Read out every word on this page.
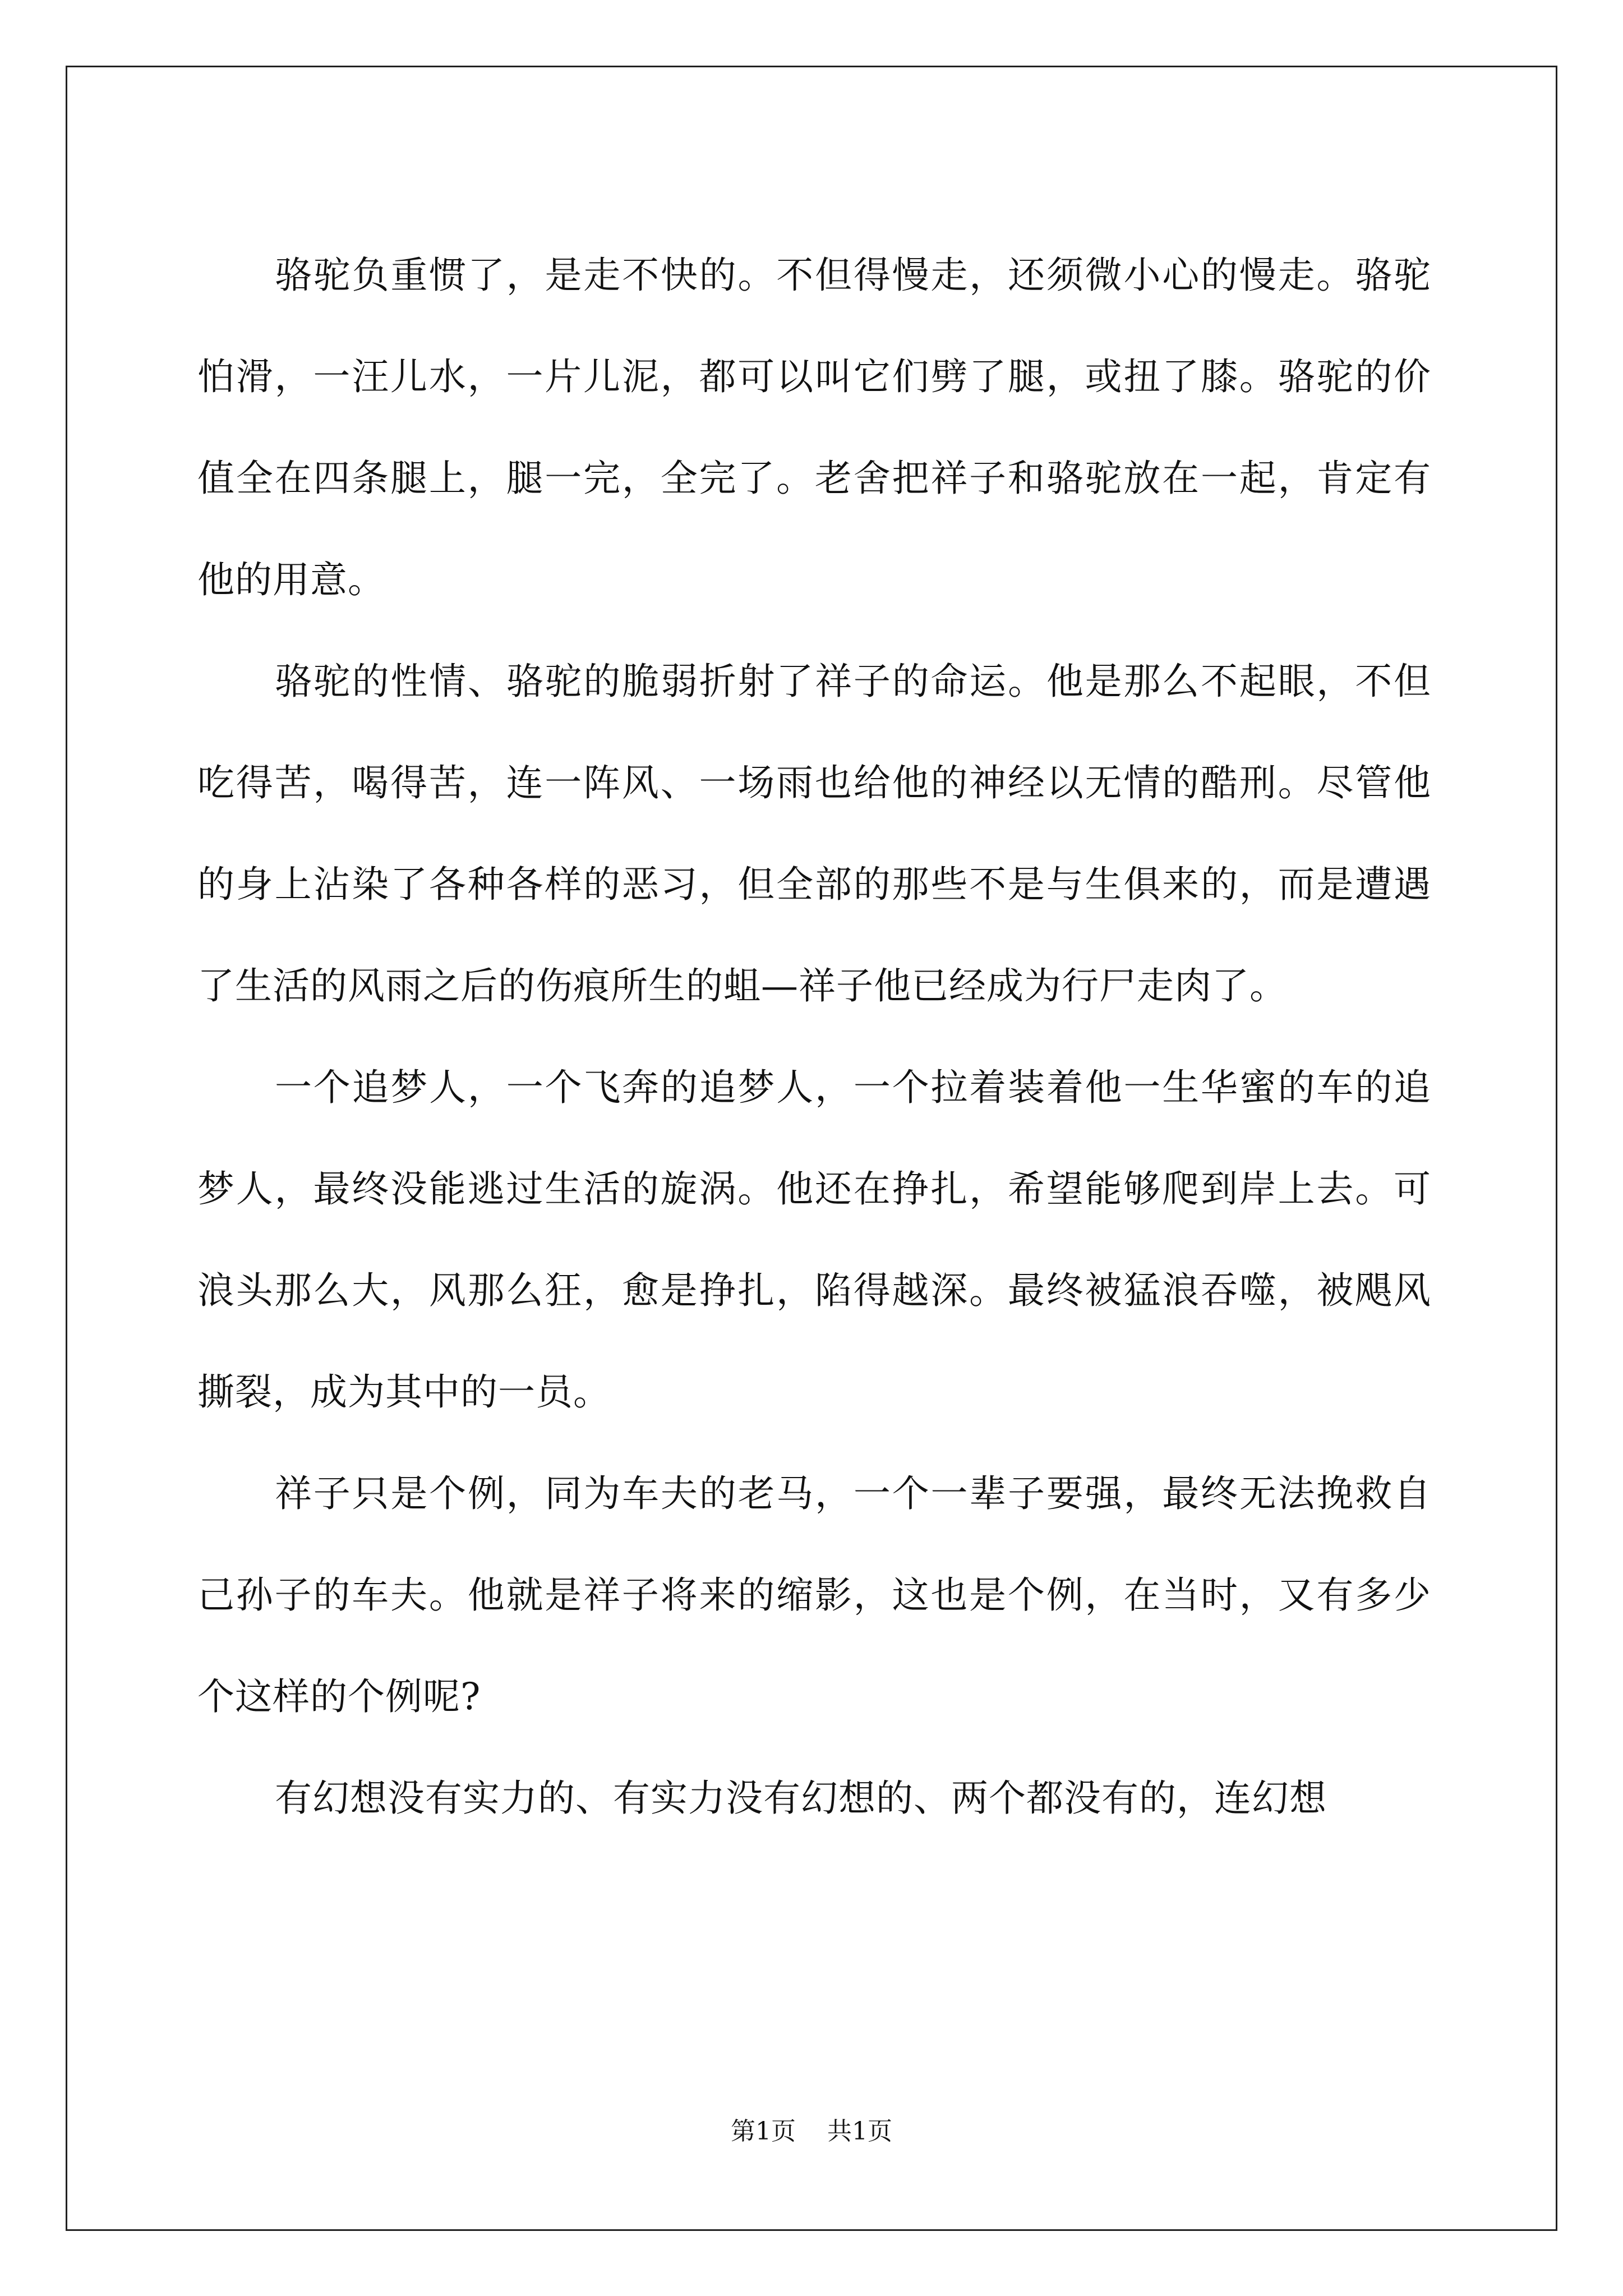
骆驼负重惯了，是走不快的。不但得慢走，还须微小心的慢走。骆驼怕滑，一汪儿水，一片儿泥，都可以叫它们劈了腿，或扭了膝。骆驼的价值全在四条腿上，腿一完，全完了。老舍把祥子和骆驼放在一起，肯定有他的用意。

骆驼的性情、骆驼的脆弱折射了祥子的命运。他是那么不起眼，不但吃得苦，喝得苦，连一阵风、一场雨也给他的神经以无情的酷刑。尽管他的身上沾染了各种各样的恶习，但全部的那些不是与生俱来的，而是遭遇了生活的风雨之后的伤痕所生的蛆—祥子他已经成为行尸走肉了。

一个追梦人，一个飞奔的追梦人，一个拉着装着他一生华蜜的车的追梦人，最终没能逃过生活的旋涡。他还在挣扎，希望能够爬到岸上去。可浪头那么大，风那么狂，愈是挣扎，陷得越深。最终被猛浪吞噬，被飓风撕裂，成为其中的一员。

祥子只是个例，同为车夫的老马，一个一辈子要强，最终无法挽救自己孙子的车夫。他就是祥子将来的缩影，这也是个例，在当时，又有多少个这样的个例呢?

有幻想没有实力的、有实力没有幻想的、两个都没有的，连幻想

第1页 共1页
